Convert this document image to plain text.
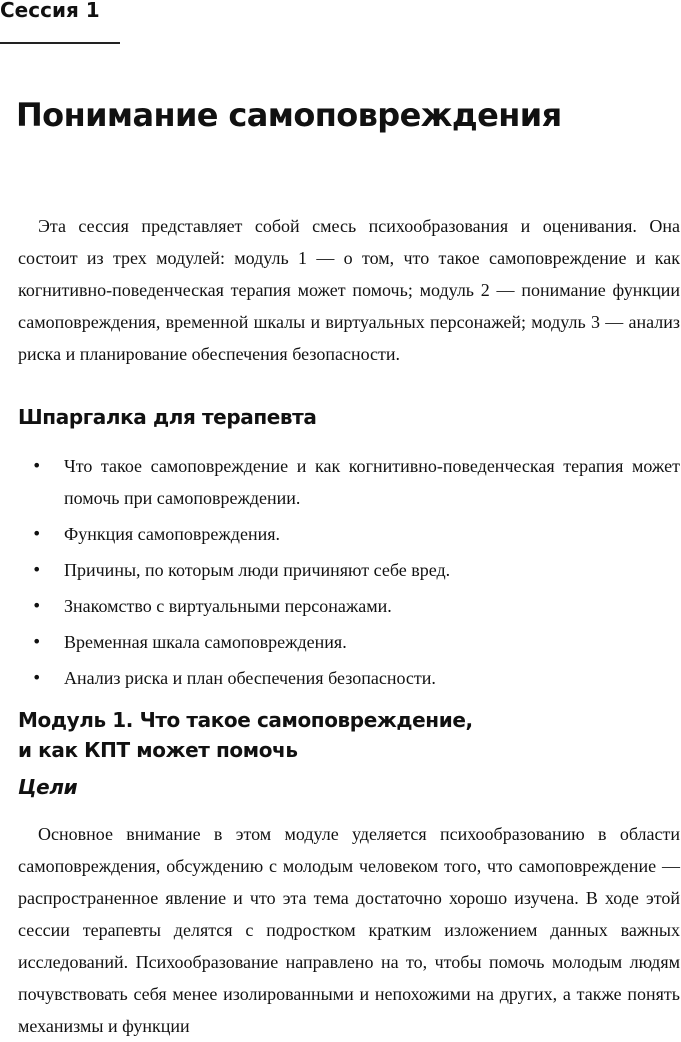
Сессия 1
Понимание самоповреждения

Эта сессия представляет собой смесь психообразования и оценивания. Она состоит из трех модулей: модуль 1 — о том, что такое самоповреждение и как когнитивно-поведенческая терапия может помочь; модуль 2 — понимание функции самоповреждения, временной шкалы и виртуальных персонажей; модуль 3 — анализ риска и планирование обеспечения безопасности.

Шпаргалка для терапевта
• Что такое самоповреждение и как когнитивно-поведенческая терапия может помочь при самоповреждении.
• Функция самоповреждения.
• Причины, по которым люди причиняют себе вред.
• Знакомство с виртуальными персонажами.
• Временная шкала самоповреждения.
• Анализ риска и план обеспечения безопасности.
Модуль 1. Что такое самоповреждение,
и как КПТ может помочь
Цели

Основное внимание в этом модуле уделяется психообразованию в области самоповреждения, обсуждению с молодым человеком того, что самоповреждение — распространенное явление и что эта тема достаточно хорошо изучена. В ходе этой сессии терапевты делятся с подростком кратким изложением данных важных исследований. Психообразование направлено на то, чтобы помочь молодым людям почувствовать себя менее изолированными и непохожими на других, а также понять механизмы и функции
